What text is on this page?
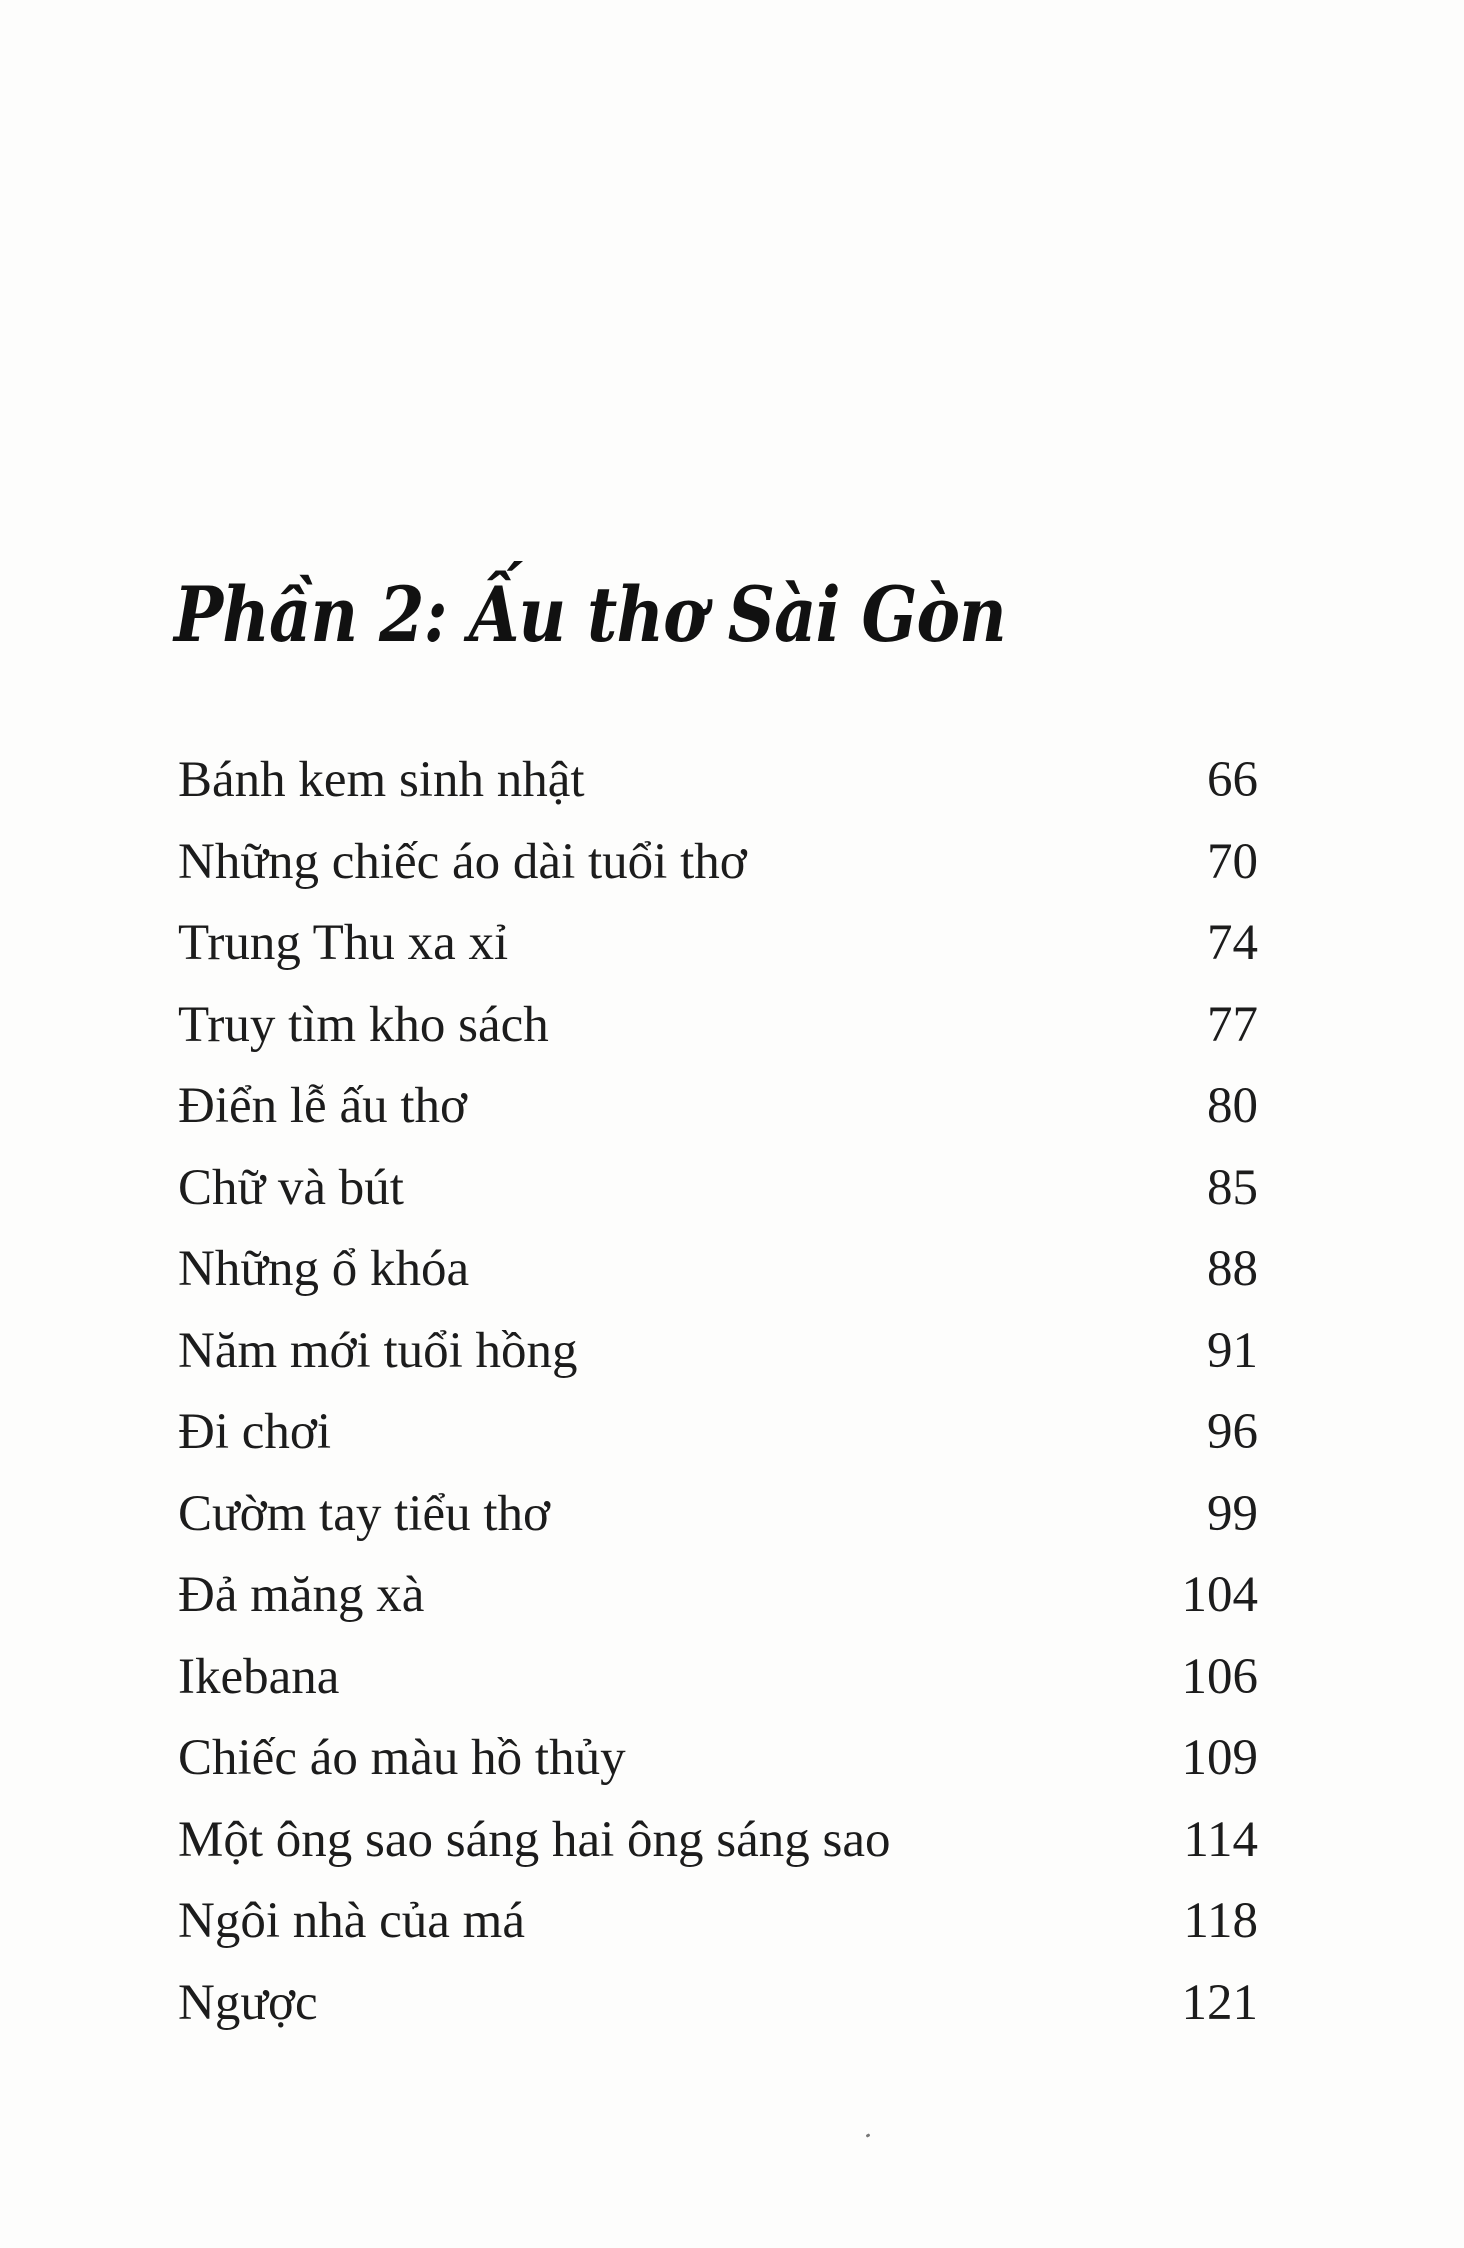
Phần 2: Ấu thơ Sài Gòn
Bánh kem sinh nhật	66
Những chiếc áo dài tuổi thơ	70
Trung Thu xa xỉ	74
Truy tìm kho sách	77
Điển lễ ấu thơ	80
Chữ và bút	85
Những ổ khóa	88
Năm mới tuổi hồng	91
Đi chơi	96
Cườm tay tiểu thơ	99
Đả măng xà	104
Ikebana	106
Chiếc áo màu hồ thủy	109
Một ông sao sáng hai ông sáng sao	114
Ngôi nhà của má	118
Ngược	121
